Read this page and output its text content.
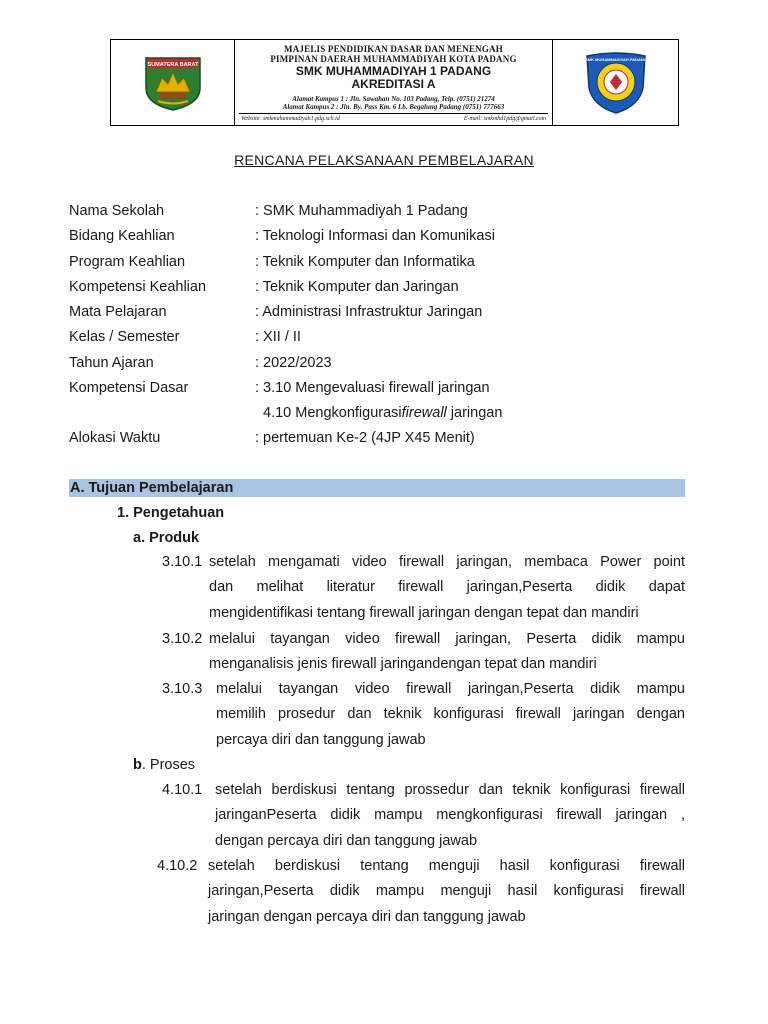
SUMATERA BARAT
MAJELIS PENDIDIKAN DASAR DAN MENENGAH
PIMPINAN DAERAH MUHAMMADIYAH KOTA PADANG
SMK MUHAMMADIYAH 1 PADANG
AKREDITASI A
Alamat Kampus 1 : Jln. Sawahan No. 103 Padang, Telp. (0751) 21274
Alamat Kampus 2 : Jln. By. Pass Km. 6 Lb. Begalung Padang (0751) 777663
Website: smkmuhammadiyah1.pdg.sch.id	E-mail: smkmhd1pdg@gmail.com
SMK MUHAMMADIYAH PADANG
RENCANA PELAKSANAAN PEMBELAJARAN
Nama Sekolah	: SMK Muhammadiyah 1 Padang
Bidang Keahlian	: Teknologi Informasi dan Komunikasi
Program Keahlian	: Teknik Komputer dan Informatika
Kompetensi Keahlian	: Teknik Komputer dan Jaringan
Mata Pelajaran	: Administrasi Infrastruktur Jaringan
Kelas / Semester	: XII / II
Tahun Ajaran	: 2022/2023
Kompetensi Dasar	: 3.10 Mengevaluasi firewall jaringan
4.10 Mengkonfigurasifirewall jaringan
Alokasi Waktu	: pertemuan Ke-2 (4JP X45 Menit)
A. Tujuan Pembelajaran
1. Pengetahuan
a. Produk
3.10.1 setelah mengamati video firewall jaringan, membaca Power point
dan melihat literatur firewall jaringan,Peserta didik dapat
mengidentifikasi tentang firewall jaringan dengan tepat dan mandiri
3.10.2 melalui tayangan video firewall jaringan, Peserta didik mampu
menganalisis jenis firewall jaringandengan tepat dan mandiri
3.10.3 melalui tayangan video firewall jaringan,Peserta didik mampu
memilih prosedur dan teknik konfigurasi firewall jaringan dengan
percaya diri dan tanggung jawab
b. Proses
4.10.1 setelah berdiskusi tentang prossedur dan teknik konfigurasi firewall
jaringanPeserta didik mampu mengkonfigurasi firewall jaringan ,
dengan percaya diri dan tanggung jawab
4.10.2 setelah berdiskusi tentang menguji hasil konfigurasi firewall
jaringan,Peserta didik mampu menguji hasil konfigurasi firewall
jaringan dengan percaya diri dan tanggung jawab
